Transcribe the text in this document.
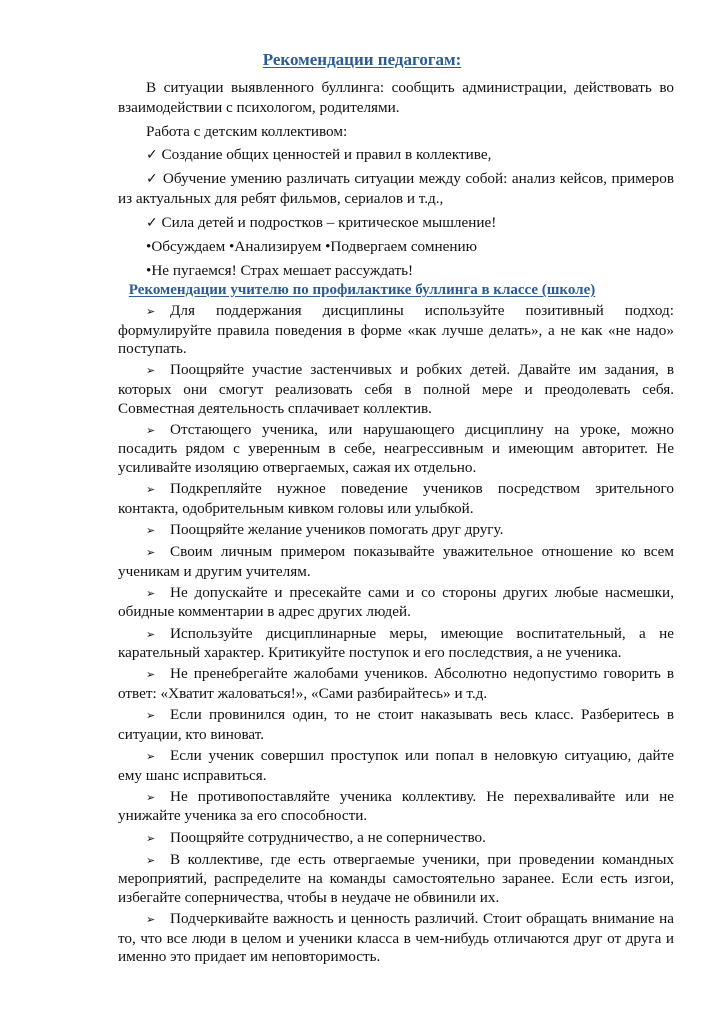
Рекомендации педагогам:

В ситуации выявленного буллинга: сообщить администрации, действовать во взаимодействии с психологом, родителями.

Работа с детским коллективом:

✓ Создание общих ценностей и правил в коллективе,

✓ Обучение умению различать ситуации между собой: анализ кейсов, примеров из актуальных для ребят фильмов, сериалов и т.д.,

✓ Сила детей и подростков – критическое мышление!

•Обсуждаем •Анализируем •Подвергаем сомнению

•Не пугаемся! Страх мешает рассуждать!

Рекомендации учителю по профилактике буллинга в классе (школе)

➢ Для поддержания дисциплины используйте позитивный подход: формулируйте правила поведения в форме «как лучше делать», а не как «не надо» поступать.

➢ Поощряйте участие застенчивых и робких детей. Давайте им задания, в которых они смогут реализовать себя в полной мере и преодолевать себя. Совместная деятельность сплачивает коллектив.

➢ Отстающего ученика, или нарушающего дисциплину на уроке, можно посадить рядом с уверенным в себе, неагрессивным и имеющим авторитет. Не усиливайте изоляцию отвергаемых, сажая их отдельно.

➢ Подкрепляйте нужное поведение учеников посредством зрительного контакта, одобрительным кивком головы или улыбкой.

➢ Поощряйте желание учеников помогать друг другу.

➢ Своим личным примером показывайте уважительное отношение ко всем ученикам и другим учителям.

➢ Не допускайте и пресекайте сами и со стороны других любые насмешки, обидные комментарии в адрес других людей.

➢ Используйте дисциплинарные меры, имеющие воспитательный, а не карательный характер. Критикуйте поступок и его последствия, а не ученика.

➢ Не пренебрегайте жалобами учеников. Абсолютно недопустимо говорить в ответ: «Хватит жаловаться!», «Сами разбирайтесь» и т.д.

➢ Если провинился один, то не стоит наказывать весь класс. Разберитесь в ситуации, кто виноват.

➢ Если ученик совершил проступок или попал в неловкую ситуацию, дайте ему шанс исправиться.

➢ Не противопоставляйте ученика коллективу. Не перехваливайте или не унижайте ученика за его способности.

➢ Поощряйте сотрудничество, а не соперничество.

➢ В коллективе, где есть отвергаемые ученики, при проведении командных мероприятий, распределите на команды самостоятельно заранее. Если есть изгои, избегайте соперничества, чтобы в неудаче не обвинили их.

➢ Подчеркивайте важность и ценность различий. Стоит обращать внимание на то, что все люди в целом и ученики класса в чем-нибудь отличаются друг от друга и именно это придает им неповторимость.
